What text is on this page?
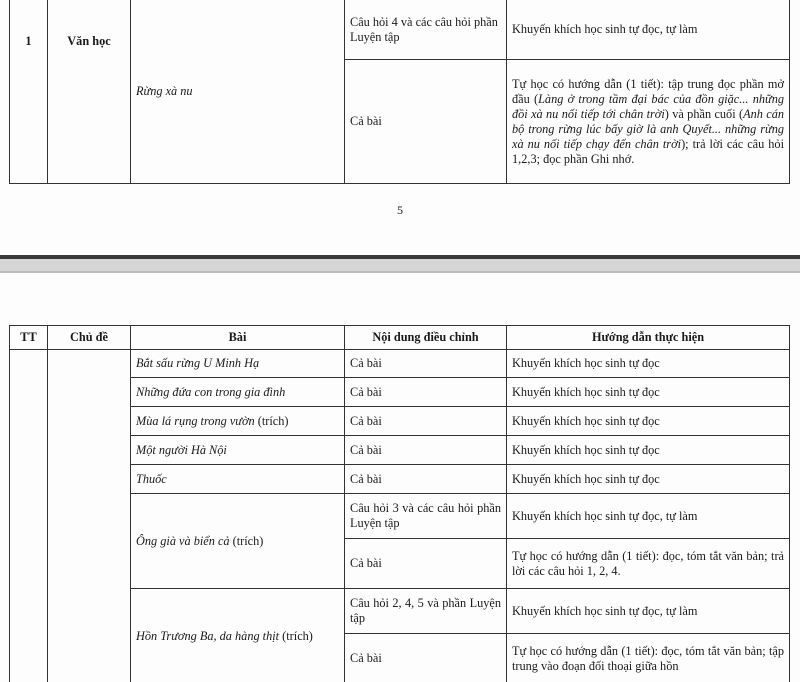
1	Văn học	Rừng xà nu	Câu hỏi 4 và các câu hỏi phần Luyện tập	Khuyến khích học sinh tự đọc, tự làm
			Cả bài	Tự học có hướng dẫn (1 tiết): tập trung đọc phần mở đầu (Làng ở trong tầm đại bác của đồn giặc... những đồi xà nu nối tiếp tới chân trời) và phần cuối (Anh cán bộ trong rừng lúc bấy giờ là anh Quyết... những rừng xà nu nối tiếp chạy đến chân trời); trả lời các câu hỏi 1,2,3; đọc phần Ghi nhớ.
5
TT	Chủ đề	Bài	Nội dung điều chỉnh	Hướng dẫn thực hiện
		Bắt sấu rừng U Minh Hạ	Cả bài	Khuyến khích học sinh tự đọc
		Những đứa con trong gia đình	Cả bài	Khuyến khích học sinh tự đọc
		Mùa lá rụng trong vườn (trích)	Cả bài	Khuyến khích học sinh tự đọc
		Một người Hà Nội	Cả bài	Khuyến khích học sinh tự đọc
		Thuốc	Cả bài	Khuyến khích học sinh tự đọc
		Ông già và biển cả (trích)	Câu hỏi 3 và các câu hỏi phần Luyện tập	Khuyến khích học sinh tự đọc, tự làm
			Cả bài	Tự học có hướng dẫn (1 tiết): đọc, tóm tắt văn bản; trả lời các câu hỏi 1, 2, 4.
		Hồn Trương Ba, da hàng thịt (trích)	Câu hỏi 2, 4, 5 và phần Luyện tập	Khuyến khích học sinh tự đọc, tự làm
			Cả bài	Tự học có hướng dẫn (1 tiết): đọc, tóm tắt văn bản; tập trung vào đoạn đối thoại giữa hồn
